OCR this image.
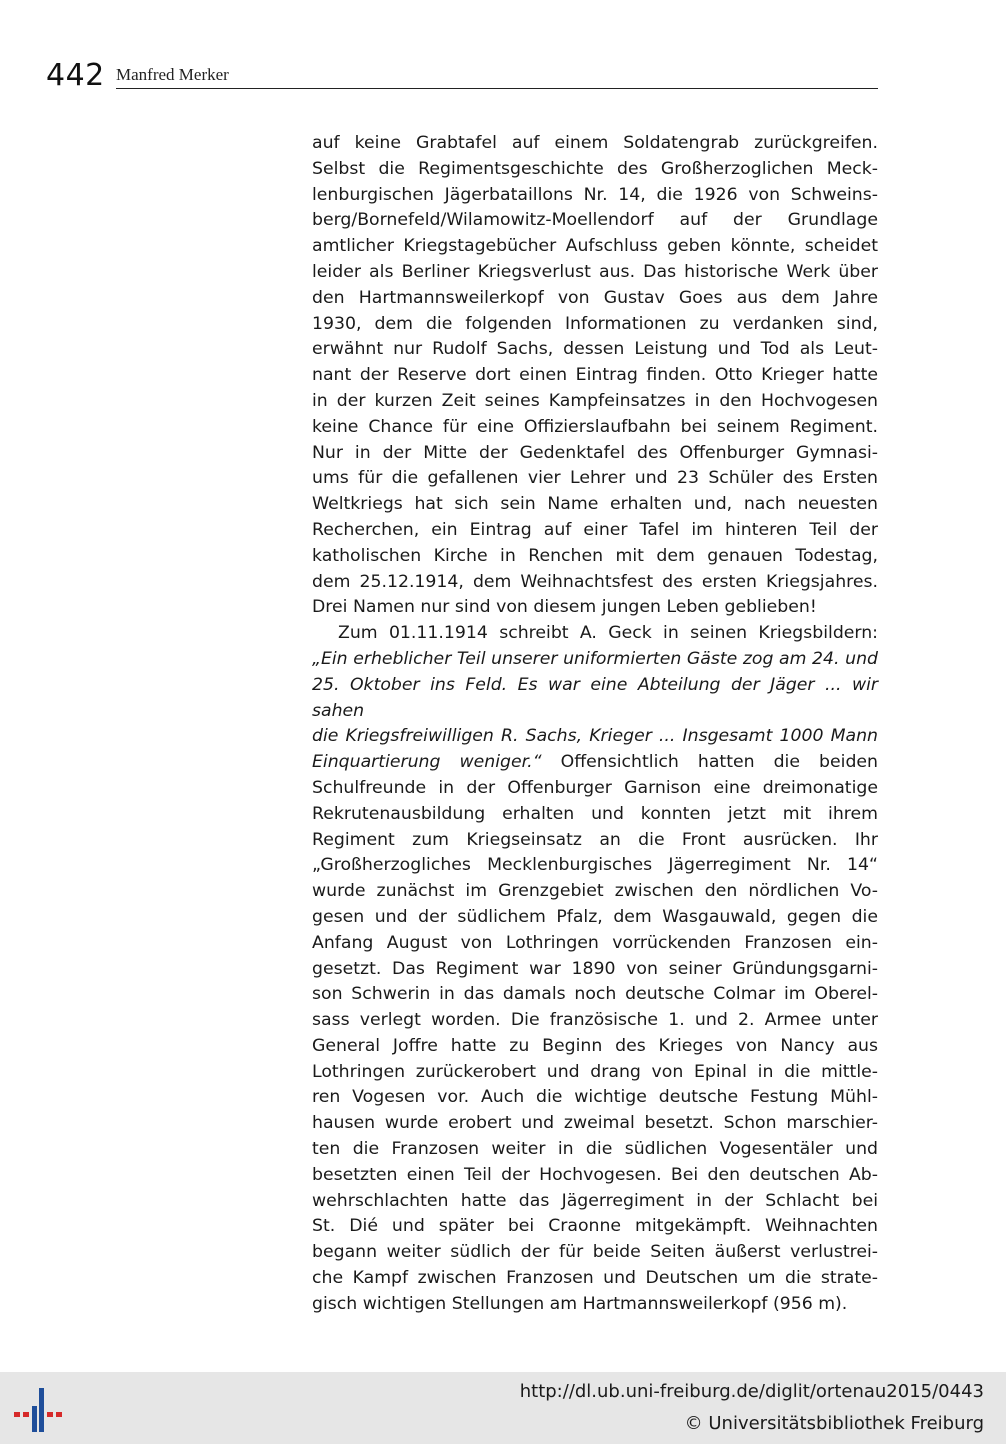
442 Manfred Merker

auf keine Grabtafel auf einem Soldatengrab zurückgreifen.
Selbst die Regimentsgeschichte des Großherzoglichen Meck-
lenburgischen Jägerbataillons Nr. 14, die 1926 von Schweins-
berg/Bornefeld/Wilamowitz-Moellendorf auf der Grundlage
amtlicher Kriegstagebücher Aufschluss geben könnte, scheidet
leider als Berliner Kriegsverlust aus. Das historische Werk über
den Hartmannsweilerkopf von Gustav Goes aus dem Jahre
1930, dem die folgenden Informationen zu verdanken sind,
erwähnt nur Rudolf Sachs, dessen Leistung und Tod als Leut-
nant der Reserve dort einen Eintrag finden. Otto Krieger hatte
in der kurzen Zeit seines Kampfeinsatzes in den Hochvogesen
keine Chance für eine Offizierslaufbahn bei seinem Regiment.
Nur in der Mitte der Gedenktafel des Offenburger Gymnasi-
ums für die gefallenen vier Lehrer und 23 Schüler des Ersten
Weltkriegs hat sich sein Name erhalten und, nach neuesten
Recherchen, ein Eintrag auf einer Tafel im hinteren Teil der
katholischen Kirche in Renchen mit dem genauen Todestag,
dem 25.12.1914, dem Weihnachtsfest des ersten Kriegsjahres.
Drei Namen nur sind von diesem jungen Leben geblieben!

Zum 01.11.1914 schreibt A. Geck in seinen Kriegsbildern:
„Ein erheblicher Teil unserer uniformierten Gäste zog am 24. und
25. Oktober ins Feld. Es war eine Abteilung der Jäger ... wir sahen
die Kriegsfreiwilligen R. Sachs, Krieger ... Insgesamt 1000 Mann
Einquartierung weniger.“ Offensichtlich hatten die beiden
Schulfreunde in der Offenburger Garnison eine dreimonatige
Rekrutenausbildung erhalten und konnten jetzt mit ihrem
Regiment zum Kriegseinsatz an die Front ausrücken. Ihr
„Großherzogliches Mecklenburgisches Jägerregiment Nr. 14“
wurde zunächst im Grenzgebiet zwischen den nördlichen Vo-
gesen und der südlichem Pfalz, dem Wasgauwald, gegen die
Anfang August von Lothringen vorrückenden Franzosen ein-
gesetzt. Das Regiment war 1890 von seiner Gründungsgarni-
son Schwerin in das damals noch deutsche Colmar im Oberel-
sass verlegt worden. Die französische 1. und 2. Armee unter
General Joffre hatte zu Beginn des Krieges von Nancy aus
Lothringen zurückerobert und drang von Epinal in die mittle-
ren Vogesen vor. Auch die wichtige deutsche Festung Mühl-
hausen wurde erobert und zweimal besetzt. Schon marschier-
ten die Franzosen weiter in die südlichen Vogesentäler und
besetzten einen Teil der Hochvogesen. Bei den deutschen Ab-
wehrschlachten hatte das Jägerregiment in der Schlacht bei
St. Dié und später bei Craonne mitgekämpft. Weihnachten
begann weiter südlich der für beide Seiten äußerst verlustrei-
che Kampf zwischen Franzosen und Deutschen um die strate-
gisch wichtigen Stellungen am Hartmannsweilerkopf (956 m).

http://dl.ub.uni-freiburg.de/diglit/ortenau2015/0443
© Universitätsbibliothek Freiburg
